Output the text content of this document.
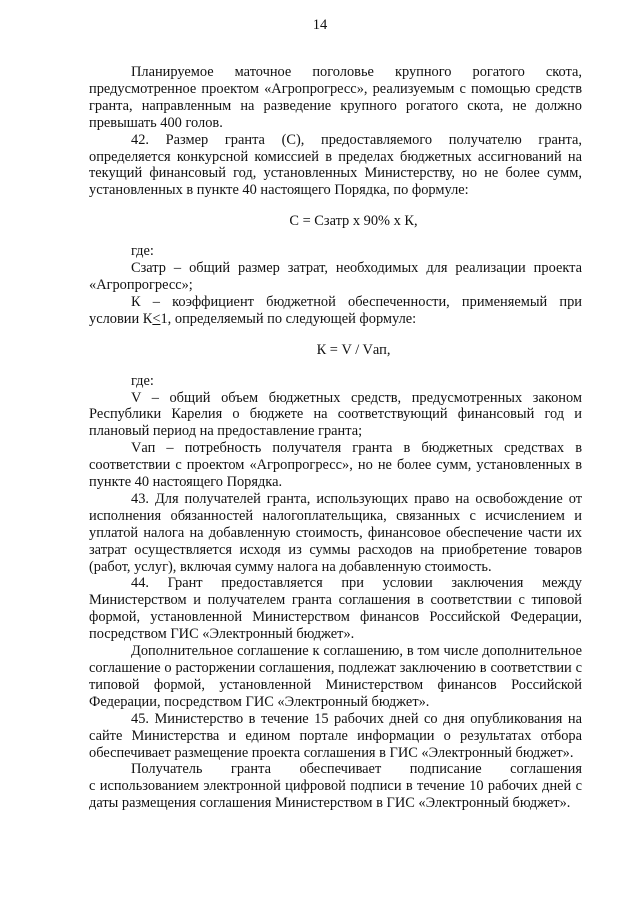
14

Планируемое маточное поголовье крупного рогатого скота, предусмотренное проектом «Агропрогресс», реализуемым с помощью средств гранта, направленным на разведение крупного рогатого скота, не должно превышать 400 голов.

42. Размер гранта (С), предоставляемого получателю гранта, определяется конкурсной комиссией в пределах бюджетных ассигнований на текущий финансовый год, установленных Министерству, но не более сумм, установленных в пункте 40 настоящего Порядка, по формуле:

С = Сзатр х 90% х К,

где:

Сзатр – общий размер затрат, необходимых для реализации проекта «Агропрогресс»;

К – коэффициент бюджетной обеспеченности, применяемый при условии К≤1, определяемый по следующей формуле:

К = V / Vап,

где:

V – общий объем бюджетных средств, предусмотренных законом Республики Карелия о бюджете на соответствующий финансовый год и плановый период на предоставление гранта;

Vап – потребность получателя гранта в бюджетных средствах в соответствии с проектом «Агропрогресс», но не более сумм, установленных в пункте 40 настоящего Порядка.

43. Для получателей гранта, использующих право на освобождение от исполнения обязанностей налогоплательщика, связанных с исчислением и уплатой налога на добавленную стоимость, финансовое обеспечение части их затрат осуществляется исходя из суммы расходов на приобретение товаров (работ, услуг), включая сумму налога на добавленную стоимость.

44. Грант предоставляется при условии заключения между Министерством и получателем гранта соглашения в соответствии с типовой формой, установленной Министерством финансов Российской Федерации, посредством ГИС «Электронный бюджет».

Дополнительное соглашение к соглашению, в том числе дополнительное соглашение о расторжении соглашения, подлежат заключению в соответствии с типовой формой, установленной Министерством финансов Российской Федерации, посредством ГИС «Электронный бюджет».

45. Министерство в течение 15 рабочих дней со дня опубликования на сайте Министерства и едином портале информации о результатах отбора обеспечивает размещение проекта соглашения в ГИС «Электронный бюджет».

Получатель гранта обеспечивает подписание соглашения

с использованием электронной цифровой подписи в течение 10 рабочих дней с даты размещения соглашения Министерством в ГИС «Электронный бюджет».
